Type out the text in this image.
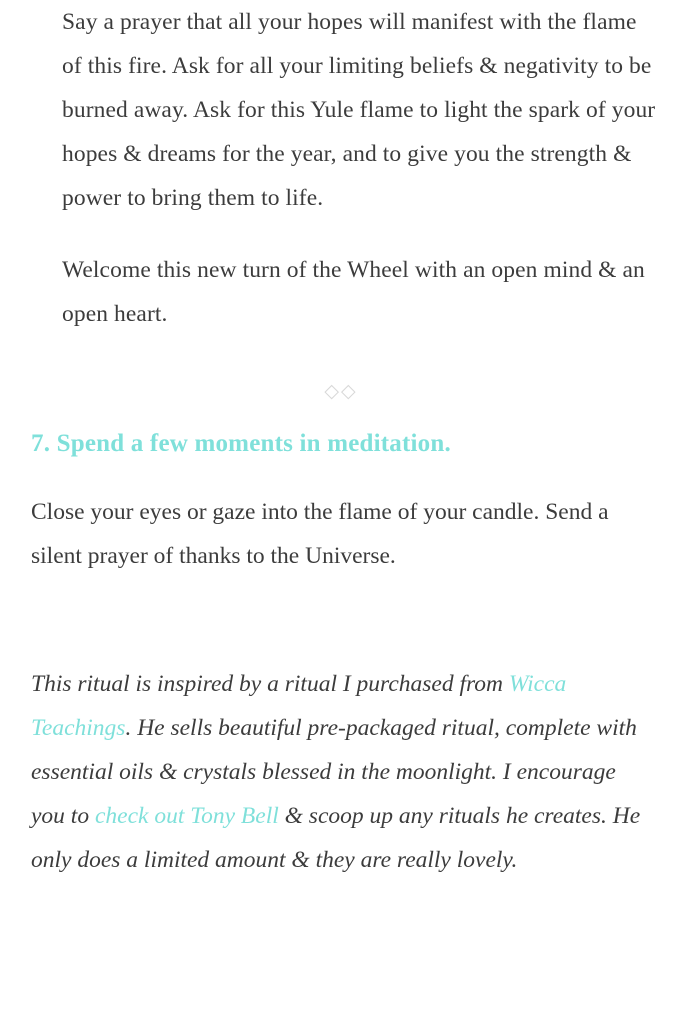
Say a prayer that all your hopes will manifest with the flame of this fire. Ask for all your limiting beliefs & negativity to be burned away. Ask for this Yule flame to light the spark of your hopes & dreams for the year, and to give you the strength & power to bring them to life.

Welcome this new turn of the Wheel with an open mind & an open heart.

◇◇
7. Spend a few moments in meditation.

Close your eyes or gaze into the flame of your candle. Send a silent prayer of thanks to the Universe.

This ritual is inspired by a ritual I purchased from Wicca Teachings. He sells beautiful pre-packaged ritual, complete with essential oils & crystals blessed in the moonlight. I encourage you to check out Tony Bell & scoop up any rituals he creates. He only does a limited amount & they are really lovely.
